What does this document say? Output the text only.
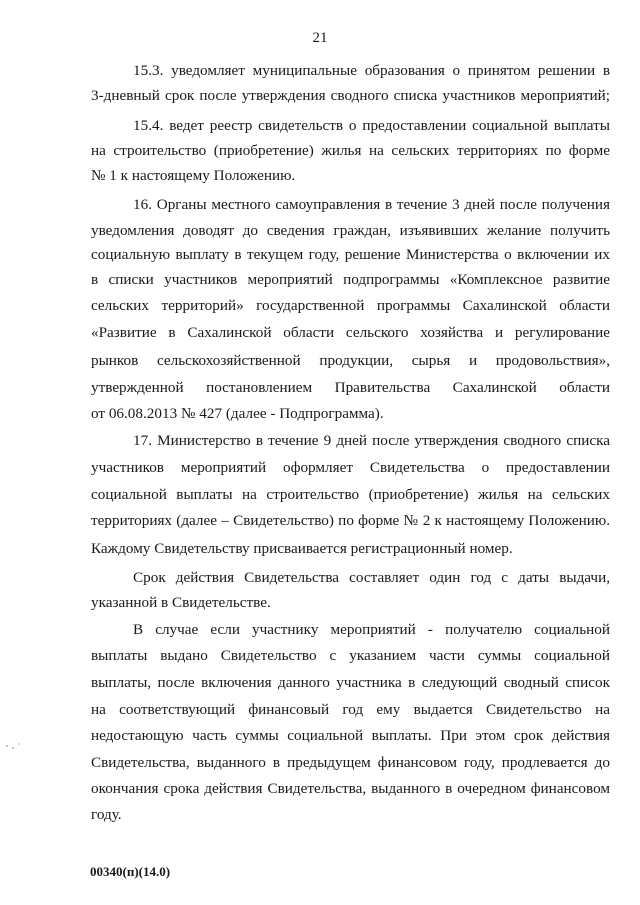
21
15.3. уведомляет муниципальные образования о принятом решении в
3-дневный срок после утверждения сводного списка участников мероприятий;
15.4. ведет реестр свидетельств о предоставлении социальной выплаты
на строительство (приобретение) жилья на сельских территориях по форме
№ 1 к настоящему Положению.
16. Органы местного самоуправления в течение 3 дней после получения
уведомления доводят до сведения граждан, изъявивших желание получить
социальную выплату в текущем году, решение Министерства о включении их
в списки участников мероприятий подпрограммы «Комплексное развитие
сельских территорий» государственной программы Сахалинской области
«Развитие в Сахалинской области сельского хозяйства и регулирование
рынков сельскохозяйственной продукции, сырья и продовольствия»,
утвержденной постановлением Правительства Сахалинской области
от 06.08.2013 № 427 (далее - Подпрограмма).
17. Министерство в течение 9 дней после утверждения сводного списка
участников мероприятий оформляет Свидетельства о предоставлении
социальной выплаты на строительство (приобретение) жилья на сельских
территориях (далее – Свидетельство) по форме № 2 к настоящему Положению.
Каждому Свидетельству присваивается регистрационный номер.
Срок действия Свидетельства составляет один год с даты выдачи,
указанной в Свидетельстве.
В случае если участнику мероприятий - получателю социальной
выплаты выдано Свидетельство с указанием части суммы социальной
выплаты, после включения данного участника в следующий сводный список
на соответствующий финансовый год ему выдается Свидетельство на
недостающую часть суммы социальной выплаты. При этом срок действия
Свидетельства, выданного в предыдущем финансовом году, продлевается до
окончания срока действия Свидетельства, выданного в очередном финансовом
году.
00340(п)(14.0)
